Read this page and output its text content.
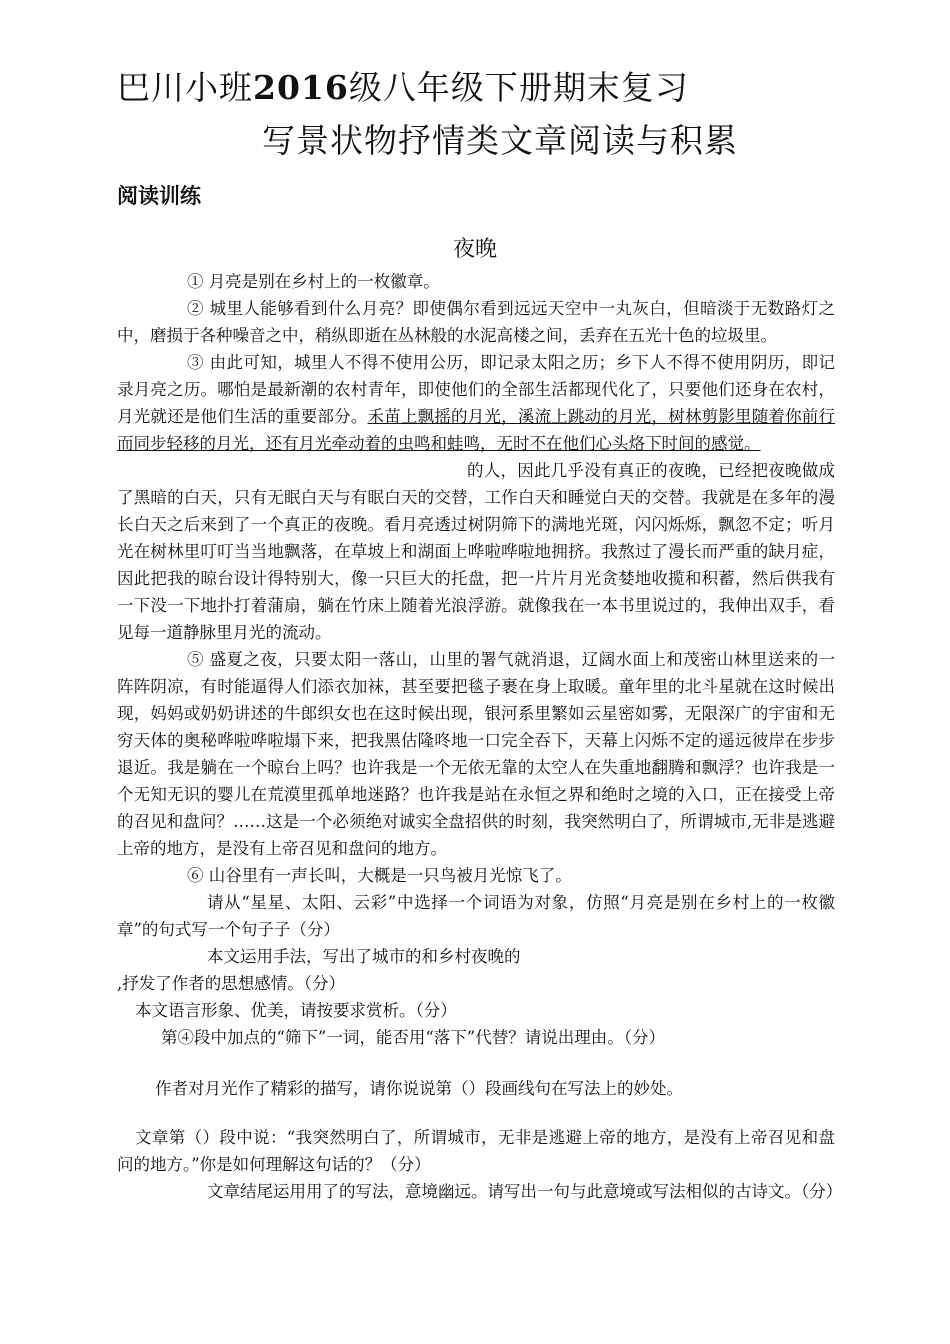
巴川小班2016级八年级下册期末复习
写景状物抒情类文章阅读与积累
阅读训练
夜晚

① 月亮是别在乡村上的一枚徽章。

② 城里人能够看到什么月亮？即使偶尔看到远远天空中一丸灰白，但暗淡于无数路灯之中，磨损于各种噪音之中，稍纵即逝在丛林般的水泥高楼之间，丢弃在五光十色的垃圾里。

③ 由此可知，城里人不得不使用公历，即记录太阳之历；乡下人不得不使用阴历，即记录月亮之历。哪怕是最新潮的农村青年，即使他们的全部生活都现代化了，只要他们还身在农村，月光就还是他们生活的重要部分。禾苗上飘摇的月光，溪流上跳动的月光，树林剪影里随着你前行而同步轻移的月光，还有月光牵动着的虫鸣和蛙鸣，无时不在他们心头烙下时间的感觉。

的人，因此几乎没有真正的夜晚，已经把夜晚做成了黑暗的白天，只有无眠白天与有眠白天的交替，工作白天和睡觉白天的交替。我就是在多年的漫长白天之后来到了一个真正的夜晚。看月亮透过树阴筛下的满地光斑，闪闪烁烁，飘忽不定；听月光在树林里叮叮当当地飘落，在草坡上和湖面上哗啦哗啦地拥挤。我熬过了漫长而严重的缺月症，因此把我的晾台设计得特别大，像一只巨大的托盘，把一片片月光贪婪地收揽和积蓄，然后供我有一下没一下地扑打着蒲扇，躺在竹床上随着光浪浮游。就像我在一本书里说过的，我伸出双手，看见每一道静脉里月光的流动。

⑤ 盛夏之夜，只要太阳一落山，山里的署气就消退，辽阔水面上和茂密山林里送来的一阵阵阴凉，有时能逼得人们添衣加袜，甚至要把毯子裹在身上取暖。童年里的北斗星就在这时候出现，妈妈或奶奶讲述的牛郎织女也在这时候出现，银河系里繁如云星密如雾，无限深广的宇宙和无穷天体的奥秘哗啦哗啦塌下来，把我黑估隆咚地一口完全吞下，天幕上闪烁不定的遥远彼岸在步步退近。我是躺在一个晾台上吗？也许我是一个无依无靠的太空人在失重地翻腾和飘浮？也许我是一个无知无识的婴儿在荒漠里孤单地迷路？也许我是站在永恒之界和绝时之境的入口，正在接受上帝的召见和盘问？……这是一个必须绝对诚实全盘招供的时刻，我突然明白了，所谓城市,无非是逃避上帝的地方，是没有上帝召见和盘问的地方。

⑥ 山谷里有一声长叫，大概是一只鸟被月光惊飞了。

请从“星星、太阳、云彩”中选择一个词语为对象，仿照“月亮是别在乡村上的一枚徽章”的句式写一个句子子（分）

本文运用手法，写出了城市的和乡村夜晚的

,抒发了作者的思想感情。（分）

本文语言形象、优美，请按要求赏析。（分）

第④段中加点的“筛下”一词，能否用“落下”代替？请说出理由。（分）

作者对月光作了精彩的描写，请你说说第（）段画线句在写法上的妙处。

文章第（）段中说：“我突然明白了，所谓城市，无非是逃避上帝的地方，是没有上帝召见和盘问的地方。”你是如何理解这句话的？（分）

文章结尾运用用了的写法，意境幽远。请写出一句与此意境或写法相似的古诗文。（分）
